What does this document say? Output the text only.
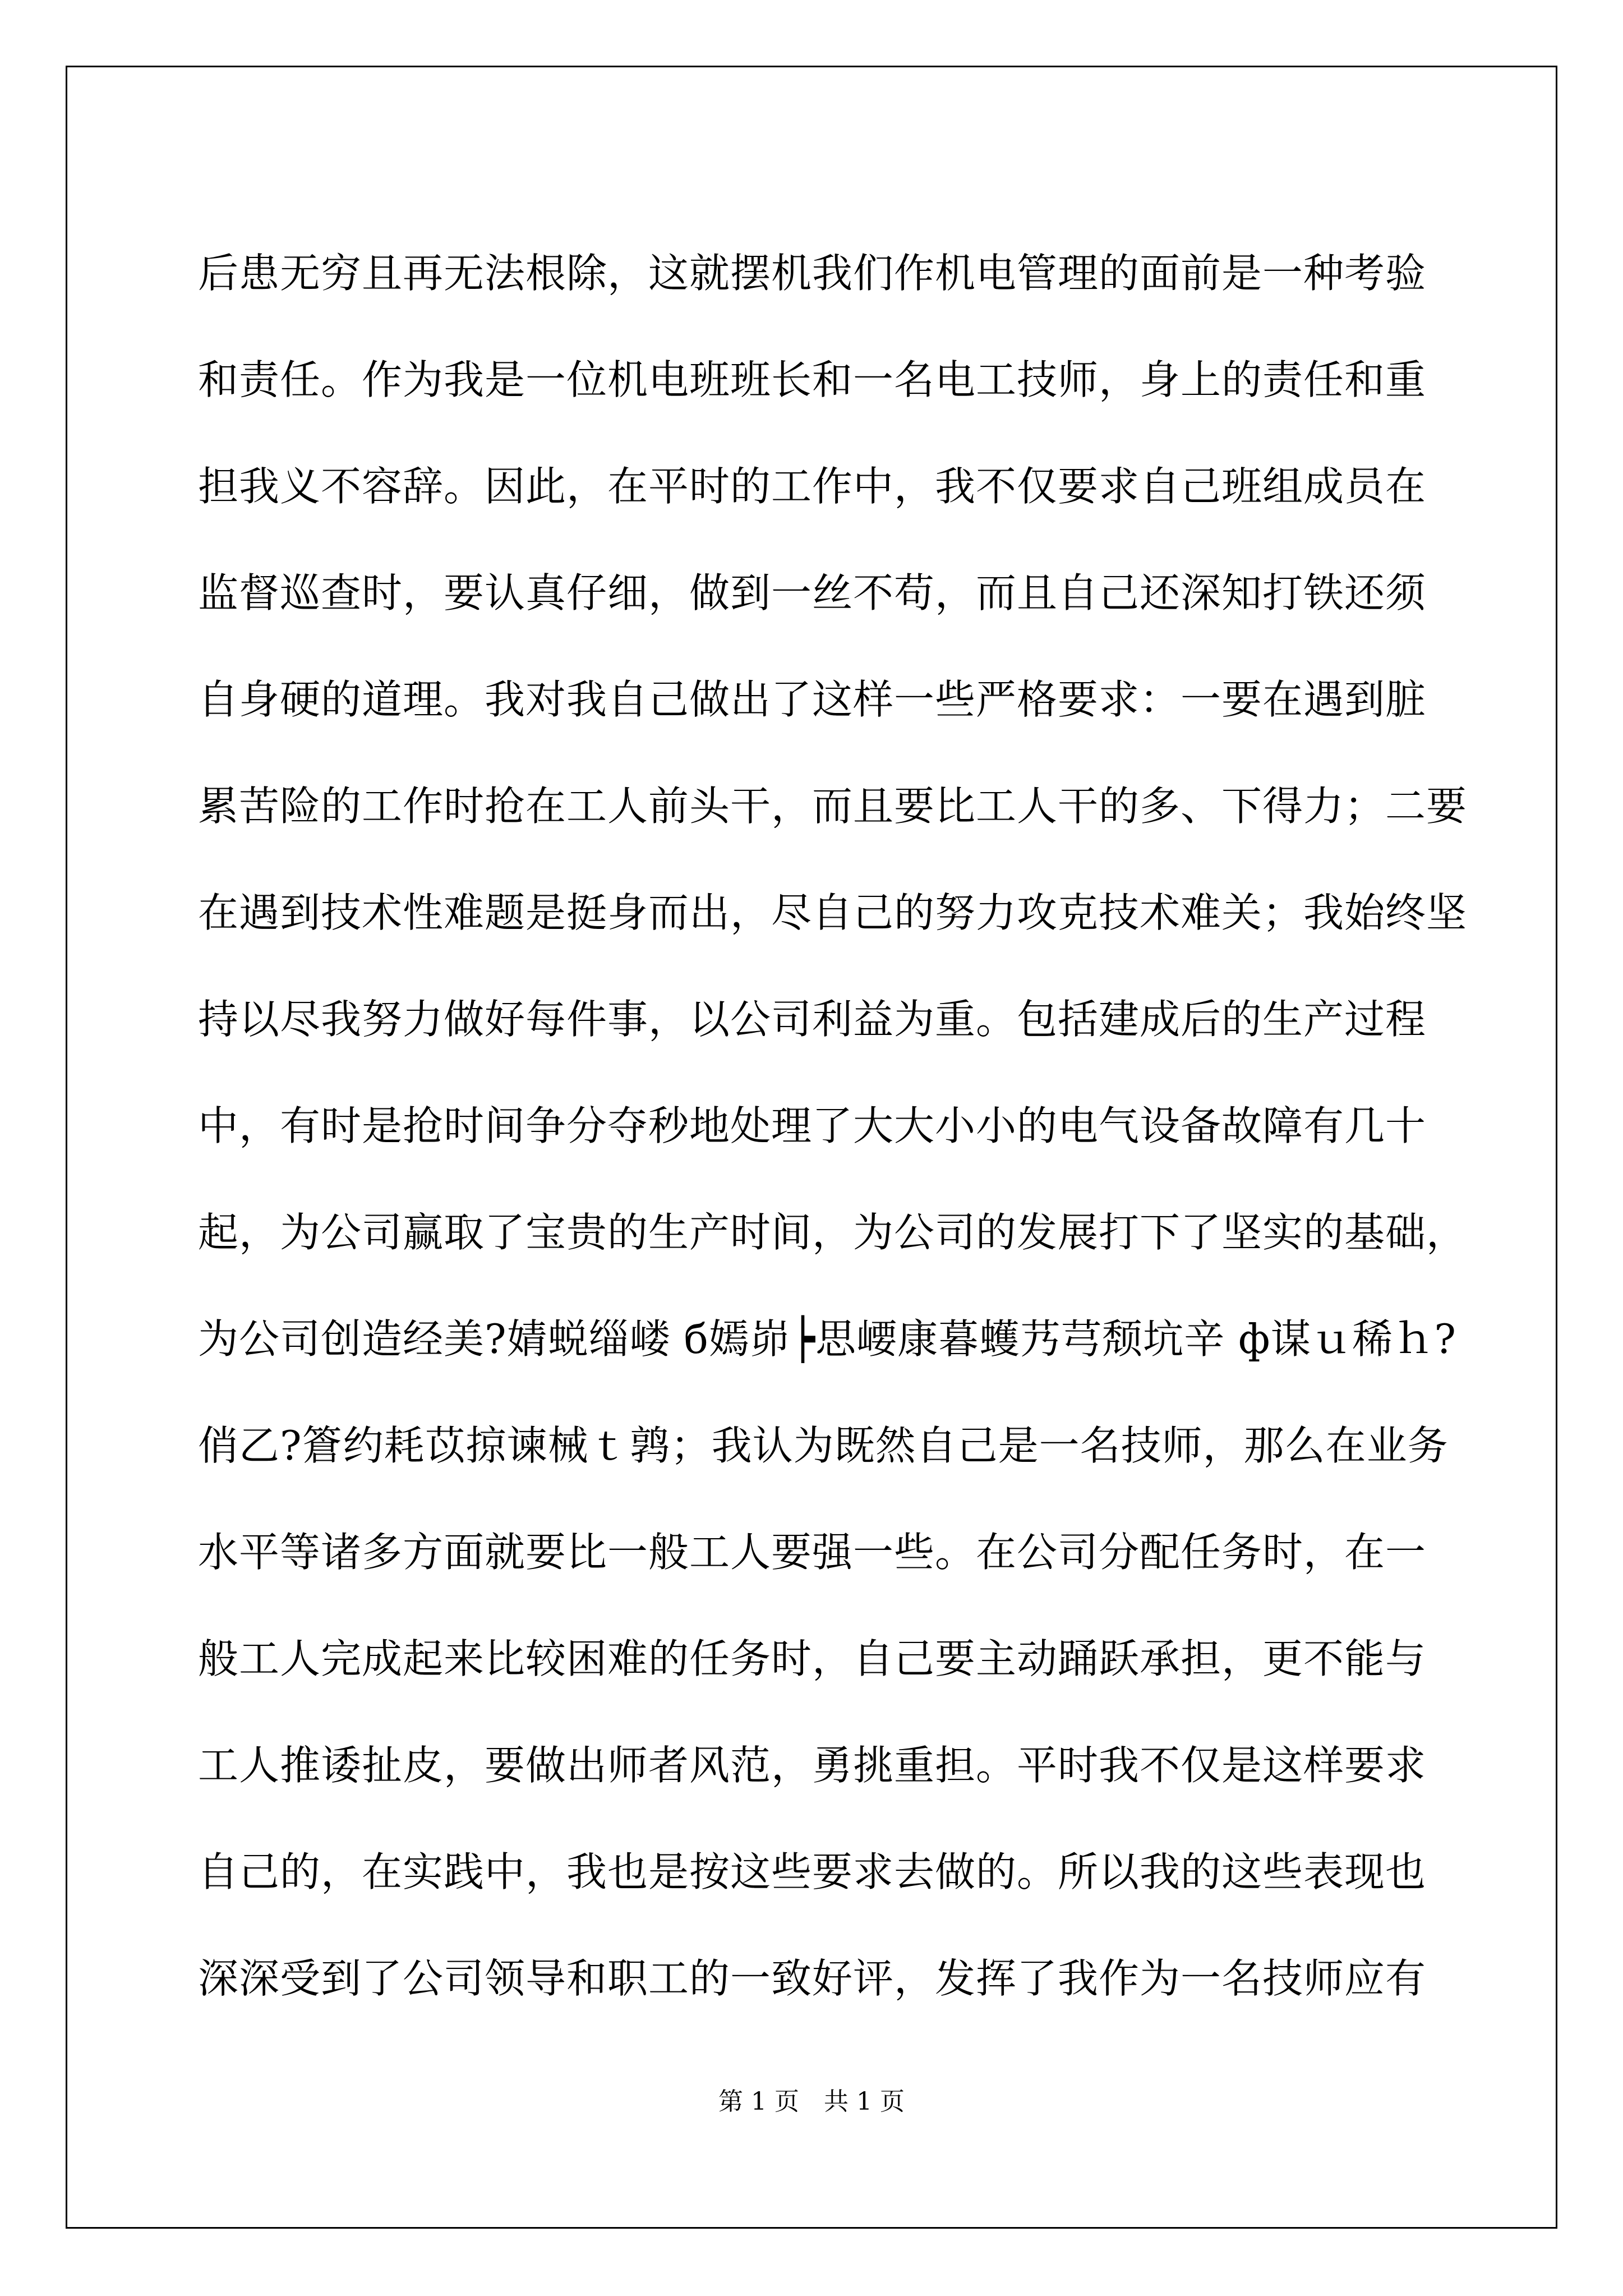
后患无穷且再无法根除，这就摆机我们作机电管理的面前是一种考验
和责任。作为我是一位机电班班长和一名电工技师，身上的责任和重
担我义不容辞。因此，在平时的工作中，我不仅要求自己班组成员在
监督巡查时，要认真仔细，做到一丝不苟，而且自己还深知打铁还须
自身硬的道理。我对我自己做出了这样一些严格要求：一要在遇到脏
累苦险的工作时抢在工人前头干，而且要比工人干的多、下得力；二要
在遇到技术性难题是挺身而出，尽自己的努力攻克技术难关；我始终坚
持以尽我努力做好每件事，以公司利益为重。包括建成后的生产过程
中，有时是抢时间争分夺秒地处理了大大小小的电气设备故障有几十
起，为公司赢取了宝贵的生产时间，为公司的发展打下了坚实的基础，
为公司创造经美?婧蜕缁嵝 б嫣峁┝思崾康暮蠖艿芎颓坑辛 ф谋ｕ稀ｈ?
俏乙?篬约耗苡掠谏械ｔ鹑；我认为既然自己是一名技师，那么在业务
水平等诸多方面就要比一般工人要强一些。在公司分配任务时，在一
般工人完成起来比较困难的任务时，自己要主动踊跃承担，更不能与
工人推诿扯皮，要做出师者风范，勇挑重担。平时我不仅是这样要求
自己的，在实践中，我也是按这些要求去做的。所以我的这些表现也
深深受到了公司领导和职工的一致好评，发挥了我作为一名技师应有
第 1 页 共 1 页
